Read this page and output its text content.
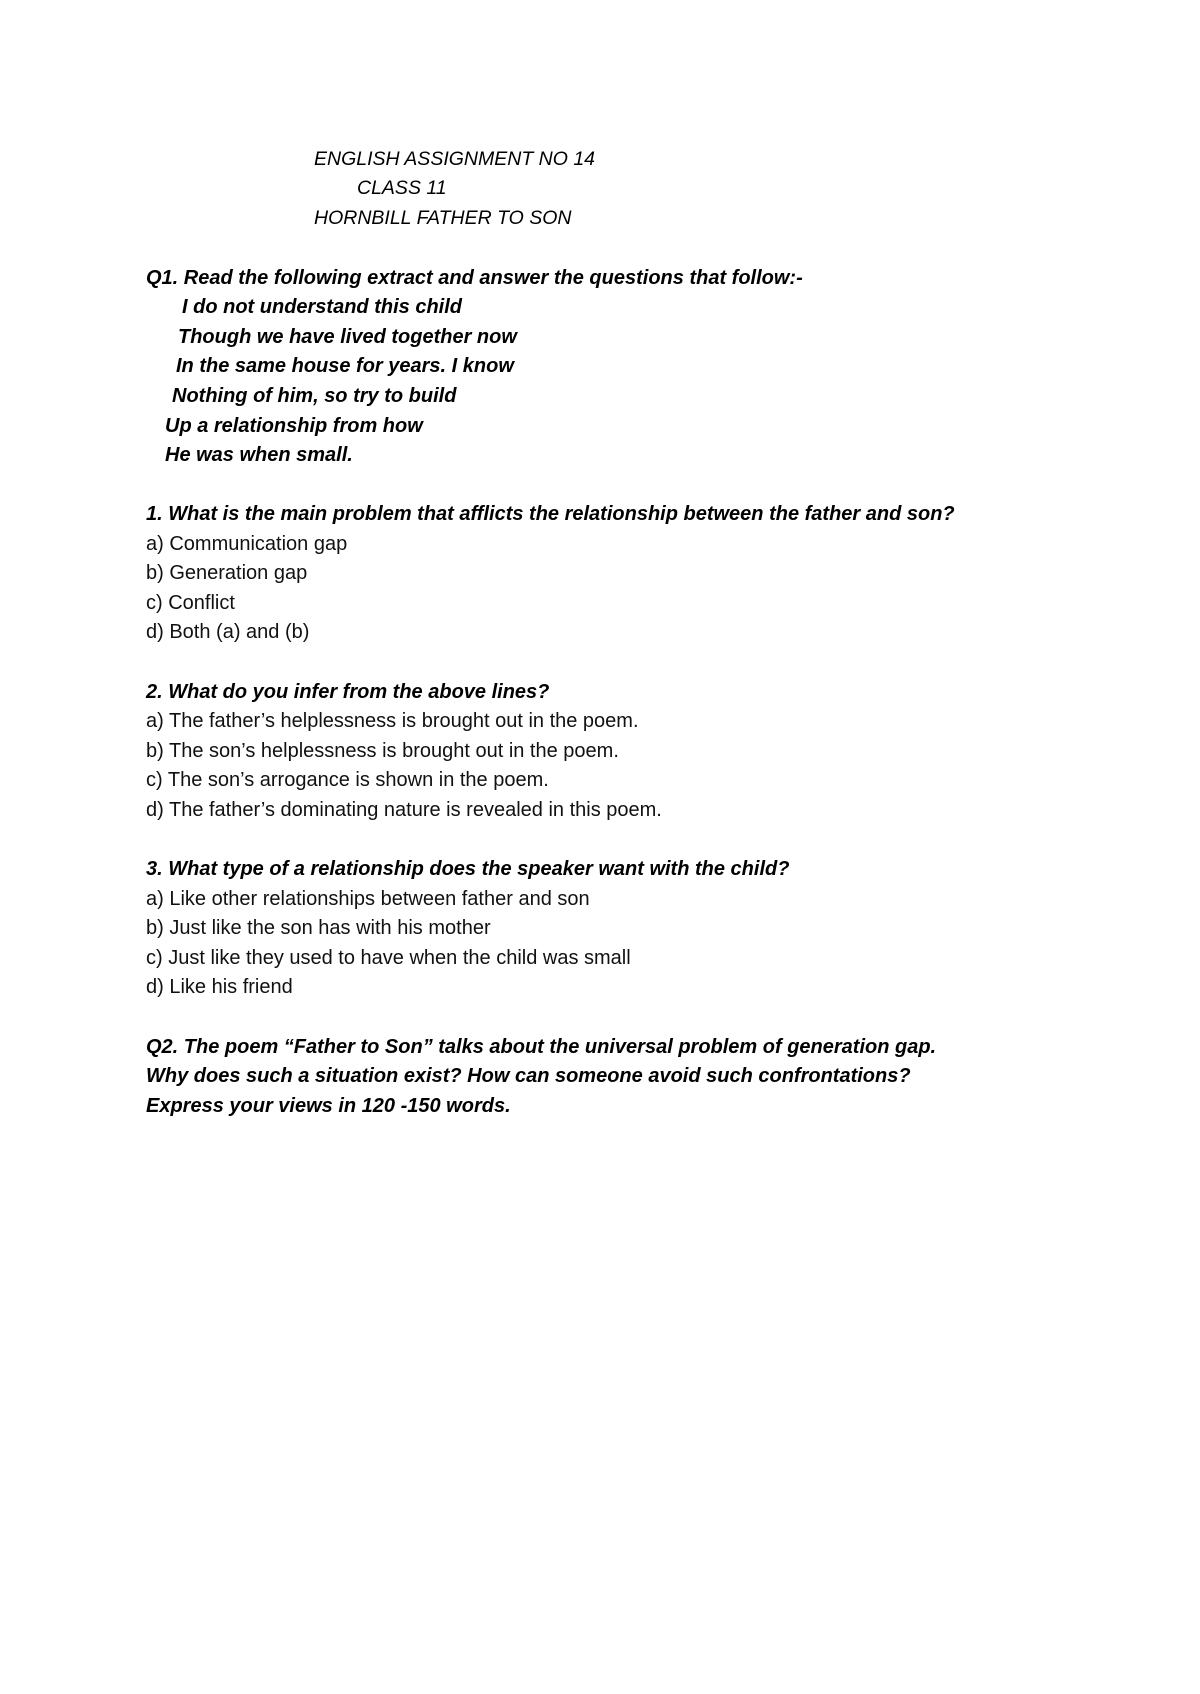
ENGLISH ASSIGNMENT NO 14
CLASS 11
HORNBILL FATHER TO SON
Q1. Read the following extract and answer the questions that follow:-
I do not understand this child
Though we have lived together now
In the same house for years. I know
Nothing of him, so try to build
Up a relationship from how
He was when small.
1. What is the main problem that afflicts the relationship between the father and son?
a) Communication gap
b) Generation gap
c) Conflict
d) Both (a) and (b)
2. What do you infer from the above lines?
a) The father’s helplessness is brought out in the poem.
b) The son’s helplessness is brought out in the poem.
c) The son’s arrogance is shown in the poem.
d) The father’s dominating nature is revealed in this poem.
3. What type of a relationship does the speaker want with the child?
a) Like other relationships between father and son
b) Just like the son has with his mother
c) Just like they used to have when the child was small
d) Like his friend
Q2. The poem “Father to Son” talks about the universal problem of generation gap.
Why does such a situation exist? How can someone avoid such confrontations?
Express your views in 120 -150 words.
